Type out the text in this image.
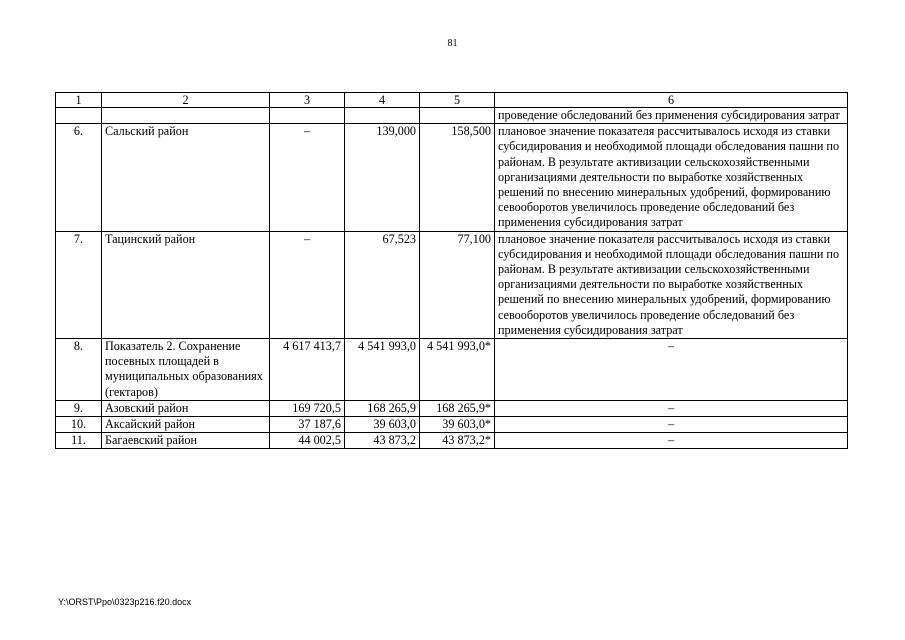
81
1	2	3	4	5	6
					проведение обследований без применения субсидирования затрат
6.	Сальский район	–	139,000	158,500	плановое значение показателя рассчитывалось исходя из ставки субсидирования и необходимой площади обследования пашни по районам. В результате активизации сельскохозяйственными организациями деятельности по выработке хозяйственных решений по внесению минеральных удобрений, формированию севооборотов увеличилось проведение обследований без применения субсидирования затрат
7.	Тацинский район	–	67,523	77,100	плановое значение показателя рассчитывалось исходя из ставки субсидирования и необходимой площади обследования пашни по районам. В результате активизации сельскохозяйственными организациями деятельности по выработке хозяйственных решений по внесению минеральных удобрений, формированию севооборотов увеличилось проведение обследований без применения субсидирования затрат
8.	Показатель 2. Сохранение посевных площадей в муниципальных образованиях (гектаров)	4 617 413,7	4 541 993,0	4 541 993,0*	–
9.	Азовский район	169 720,5	168 265,9	168 265,9*	–
10.	Аксайский район	37 187,6	39 603,0	39 603,0*	–
11.	Багаевский район	44 002,5	43 873,2	43 873,2*	–
Y:\ORST\Ppo\0323p216.f20.docx
